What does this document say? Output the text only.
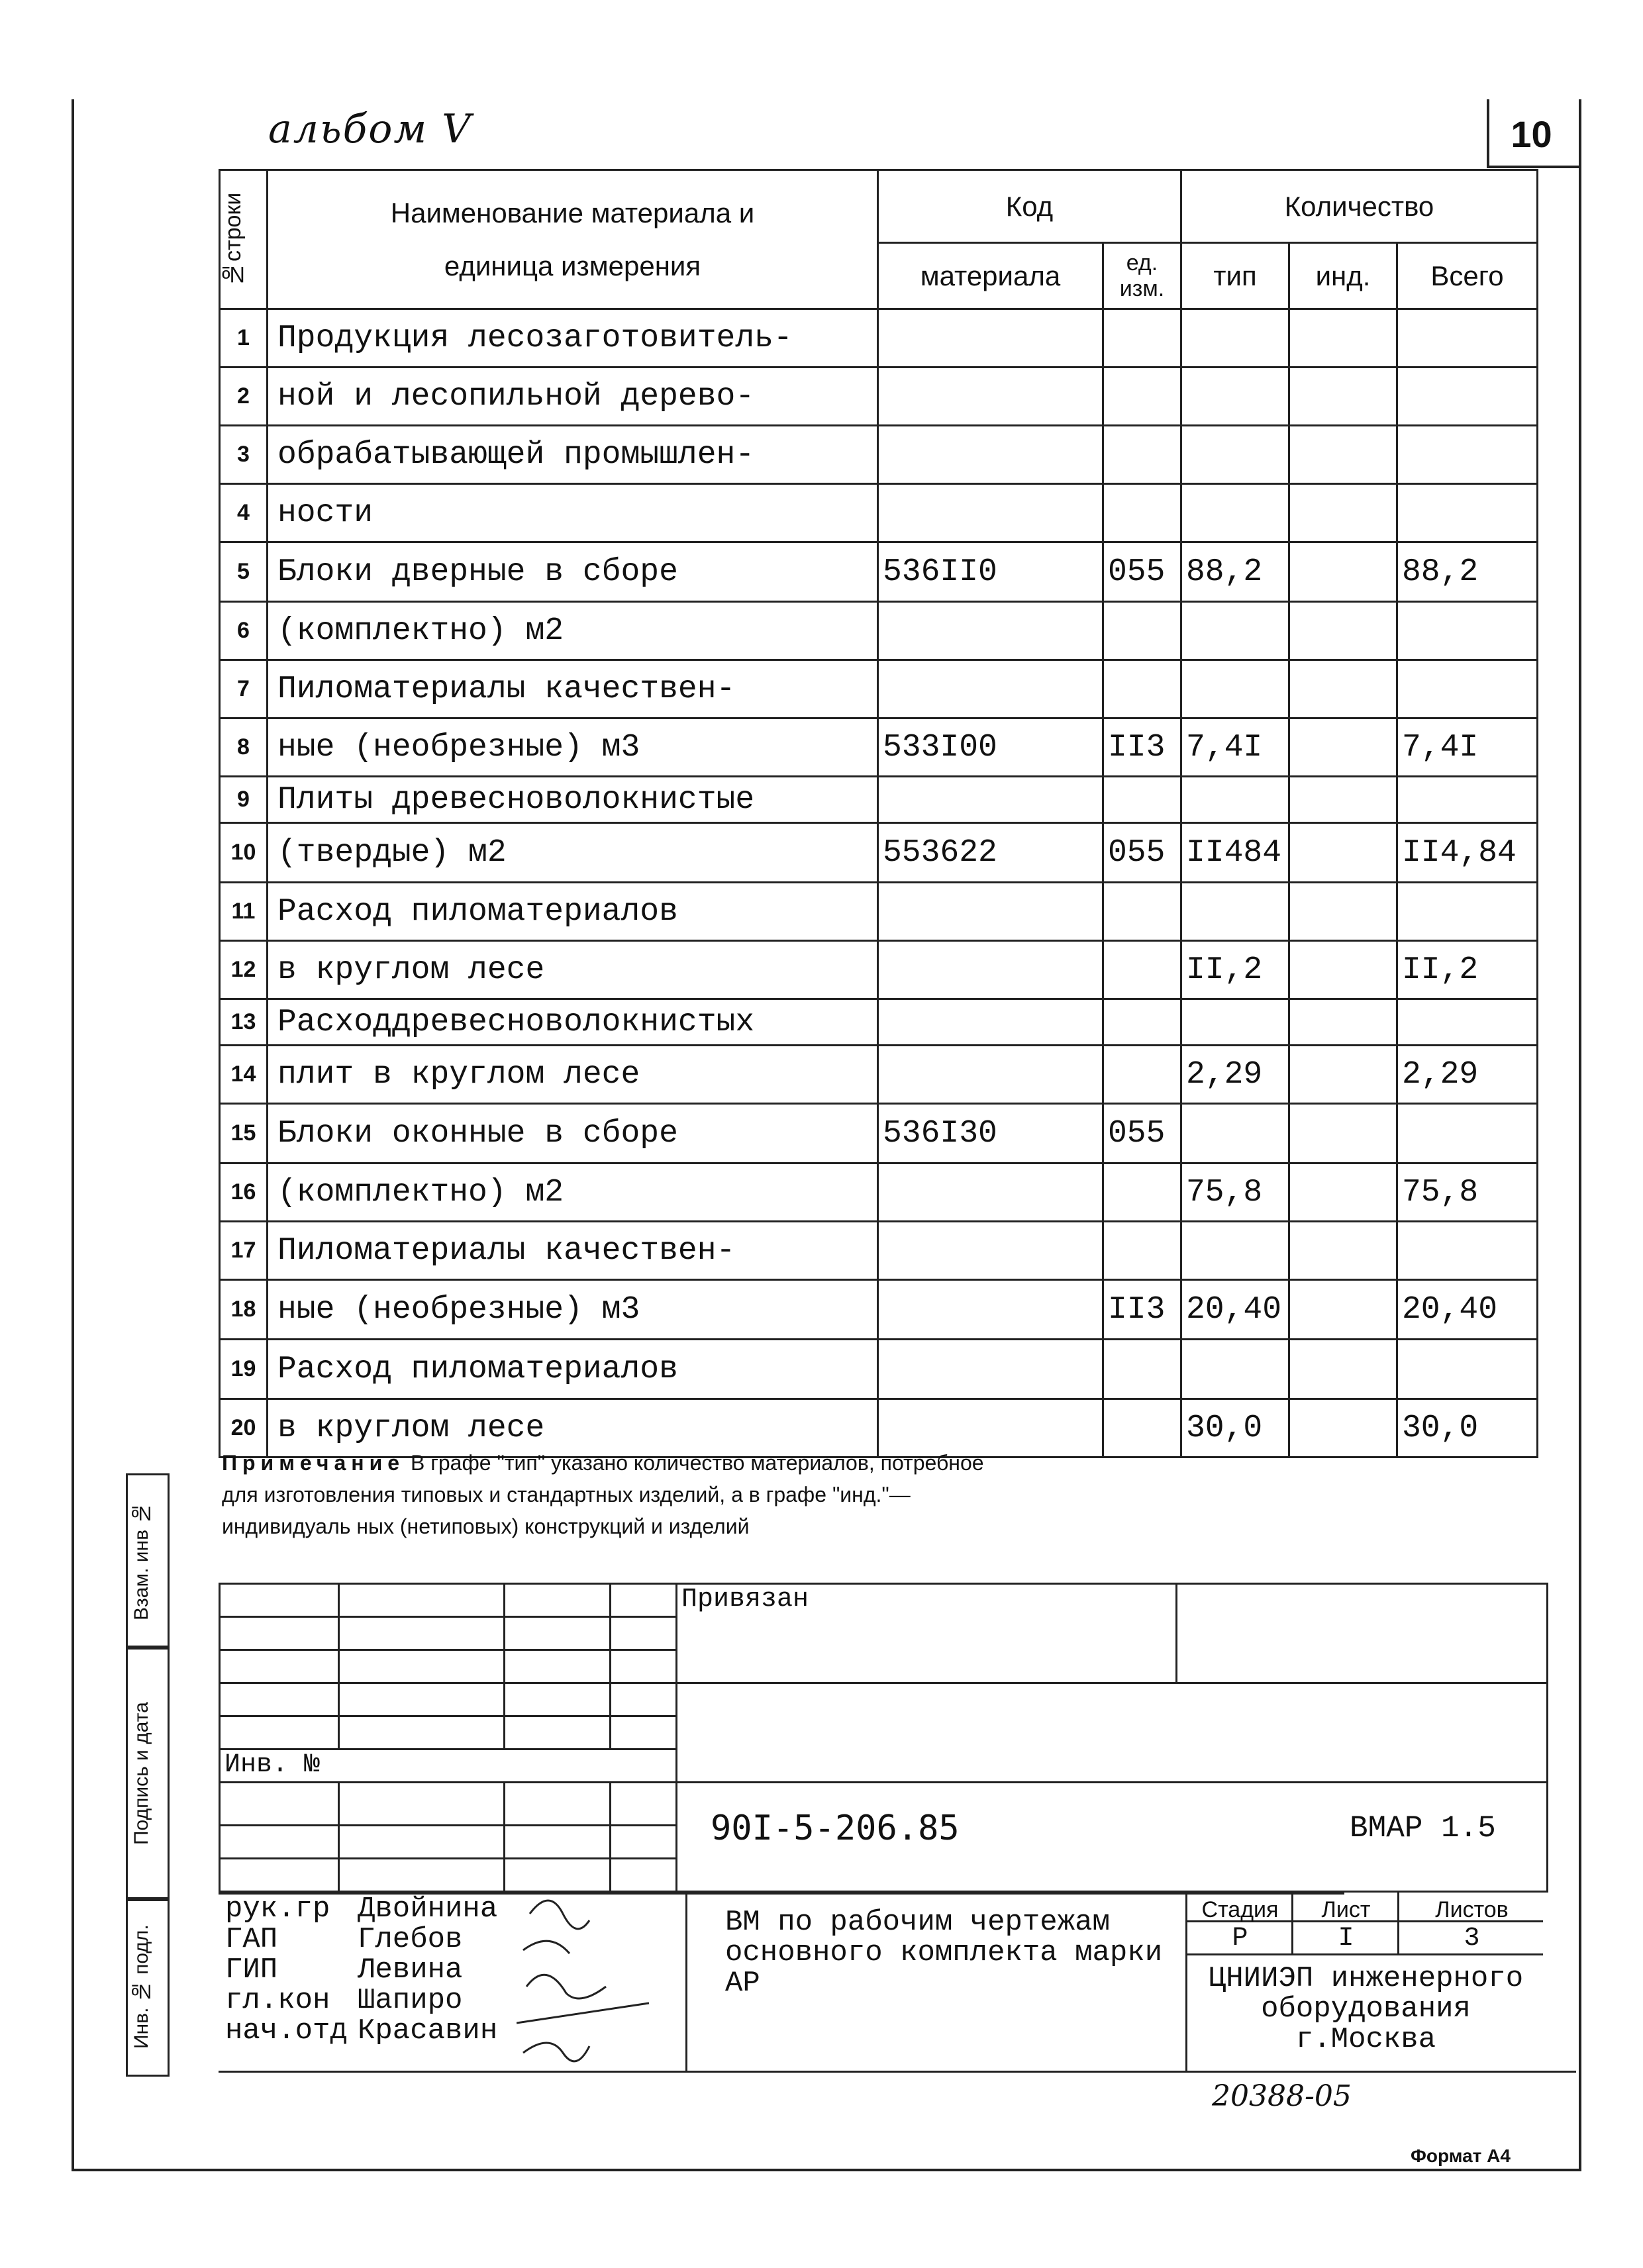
10
альбом V
№строки	Наименование материала и единица измерения	Код		Количество		
		материала	ед. изм.	тип	инд.	Всего
1	Продукция лесозаготовитель-					
2	ной и лесопильной дерево-					
3	обрабатывающей промышлен-					
4	ности					
5	Блоки дверные в сборе	536II0	055	88,2		88,2
6	(комплектно) м2					
7	Пиломатериалы качествен-					
8	ные (необрезные) м3	533I00	II3	7,4I		7,4I
9	Плиты древесноволокнистые					
10	(твердые) м2	553622	055	II484		II4,84
11	Расход пиломатериалов					
12	в круглом лесе			II,2		II,2
13	Расходдревесноволокнистых					
14	плит в круглом лесе			2,29		2,29
15	Блоки оконные в сборе	536I30	055			
16	(комплектно) м2			75,8		75,8
17	Пиломатериалы качествен-					
18	ные (необрезные) м3		II3	20,40		20,40
19	Расход пиломатериалов					
20	в круглом лесе			30,0		30,0
Примечание В графе "тип" указано количество материалов, потребное для изготовления типовых и стандартных изделий, а в графе "инд."— индивидуаль ных (нетиповых) конструкций и изделий
Взам. инв №
Подпись и дата
Инв. № подл.
				Привязан	

Инв. №					

				90I-5-206.85 ВМАР 1.5	

рук.гр Двойнина
ГАП	Глебов
ГИП	Левина
гл.кон Шапиро
нач.отд Красавин
ВМ по рабочим чертежам основного комплекта марки АР
Стадия	Лист	Листов
Р	I	3
ЦНИИЭП инженерного оборудования г.Москва
20388-05
Формат А4
